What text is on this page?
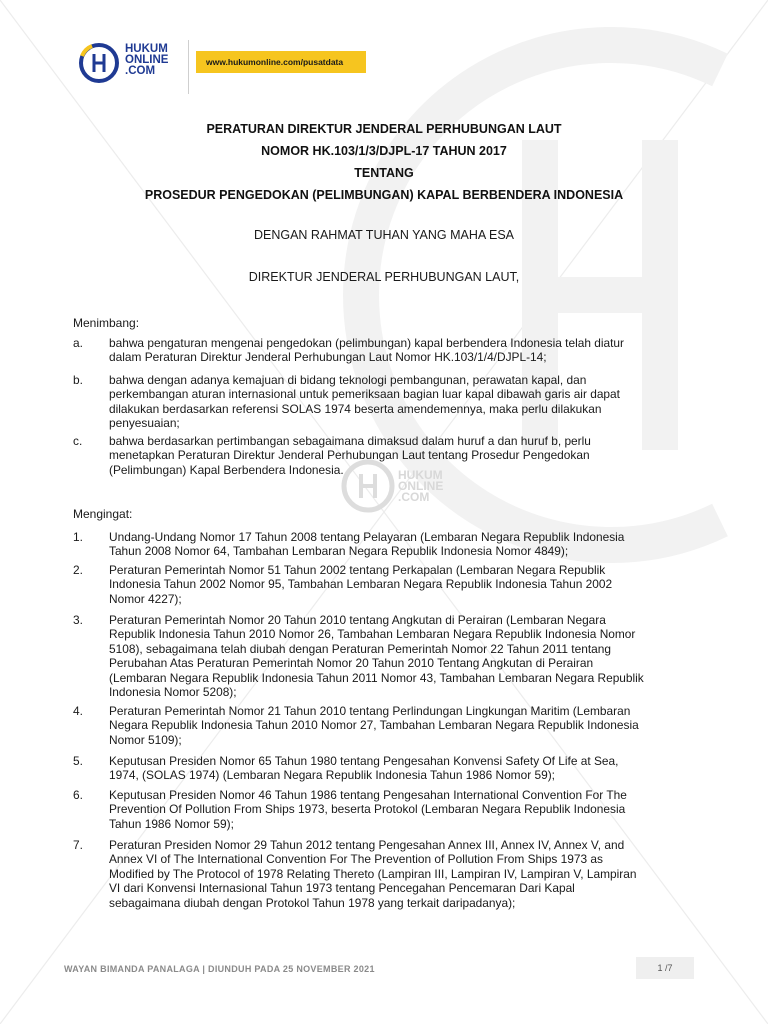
HUKUM
ONLINE
.COM
HUKUM
ONLINE
.COM
www.hukumonline.com/pusatdata
PERATURAN DIREKTUR JENDERAL PERHUBUNGAN LAUT
NOMOR HK.103/1/3/DJPL-17 TAHUN 2017
TENTANG
PROSEDUR PENGEDOKAN (PELIMBUNGAN) KAPAL BERBENDERA INDONESIA
DENGAN RAHMAT TUHAN YANG MAHA ESA
DIREKTUR JENDERAL PERHUBUNGAN LAUT,
Menimbang:
a. bahwa pengaturan mengenai pengedokan (pelimbungan) kapal berbendera Indonesia telah diatur
dalam Peraturan Direktur Jenderal Perhubungan Laut Nomor HK.103/1/4/DJPL-14;
b. bahwa dengan adanya kemajuan di bidang teknologi pembangunan, perawatan kapal, dan
perkembangan aturan internasional untuk pemeriksaan bagian luar kapal dibawah garis air dapat
dilakukan berdasarkan referensi SOLAS 1974 beserta amendemennya, maka perlu dilakukan
penyesuaian;
c. bahwa berdasarkan pertimbangan sebagaimana dimaksud dalam huruf a dan huruf b, perlu
menetapkan Peraturan Direktur Jenderal Perhubungan Laut tentang Prosedur Pengedokan
(Pelimbungan) Kapal Berbendera Indonesia.
Mengingat:
1. Undang-Undang Nomor 17 Tahun 2008 tentang Pelayaran (Lembaran Negara Republik Indonesia
Tahun 2008 Nomor 64, Tambahan Lembaran Negara Republik Indonesia Nomor 4849);
2. Peraturan Pemerintah Nomor 51 Tahun 2002 tentang Perkapalan (Lembaran Negara Republik
Indonesia Tahun 2002 Nomor 95, Tambahan Lembaran Negara Republik Indonesia Tahun 2002
Nomor 4227);
3. Peraturan Pemerintah Nomor 20 Tahun 2010 tentang Angkutan di Perairan (Lembaran Negara
Republik Indonesia Tahun 2010 Nomor 26, Tambahan Lembaran Negara Republik Indonesia Nomor
5108), sebagaimana telah diubah dengan Peraturan Pemerintah Nomor 22 Tahun 2011 tentang
Perubahan Atas Peraturan Pemerintah Nomor 20 Tahun 2010 Tentang Angkutan di Perairan
(Lembaran Negara Republik Indonesia Tahun 2011 Nomor 43, Tambahan Lembaran Negara Republik
Indonesia Nomor 5208);
4. Peraturan Pemerintah Nomor 21 Tahun 2010 tentang Perlindungan Lingkungan Maritim (Lembaran
Negara Republik Indonesia Tahun 2010 Nomor 27, Tambahan Lembaran Negara Republik Indonesia
Nomor 5109);
5. Keputusan Presiden Nomor 65 Tahun 1980 tentang Pengesahan Konvensi Safety Of Life at Sea,
1974, (SOLAS 1974) (Lembaran Negara Republik Indonesia Tahun 1986 Nomor 59);
6. Keputusan Presiden Nomor 46 Tahun 1986 tentang Pengesahan International Convention For The
Prevention Of Pollution From Ships 1973, beserta Protokol (Lembaran Negara Republik Indonesia
Tahun 1986 Nomor 59);
7. Peraturan Presiden Nomor 29 Tahun 2012 tentang Pengesahan Annex III, Annex IV, Annex V, and
Annex VI of The International Convention For The Prevention of Pollution From Ships 1973 as
Modified by The Protocol of 1978 Relating Thereto (Lampiran III, Lampiran IV, Lampiran V, Lampiran
VI dari Konvensi Internasional Tahun 1973 tentang Pencegahan Pencemaran Dari Kapal
sebagaimana diubah dengan Protokol Tahun 1978 yang terkait daripadanya);
WAYAN BIMANDA PANALAGA | DIUNDUH PADA 25 NOVEMBER 2021	1 /7
